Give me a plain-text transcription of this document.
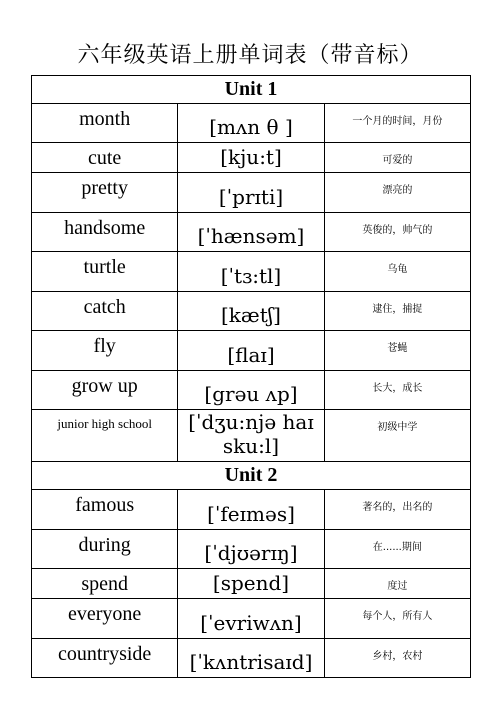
六年级英语上册单词表（带音标）
Unit 1		
month	[mʌn θ ]	一个月的时间，月份
cute	[kju:t]	可爱的
pretty	[ˈprɪti]	漂亮的
handsome	[ˈhænsəm]	英俊的，帅气的
turtle	[ˈtɜ:tl]	乌龟
catch	[kætʃ]	逮住，捕捉
fly	[flaɪ]	苍蝇
grow up	[grəu ʌp]	长大，成长
junior high school	[ˈdʒu:njə haɪ sku:l]	初级中学
Unit 2		
famous	[ˈfeɪməs]	著名的，出名的
during	[ˈdjʊərɪŋ]	在......期间
spend	[spend]	度过
everyone	[ˈevriwʌn]	每个人，所有人
countryside	[ˈkʌntrisaɪd]	乡村，农村
